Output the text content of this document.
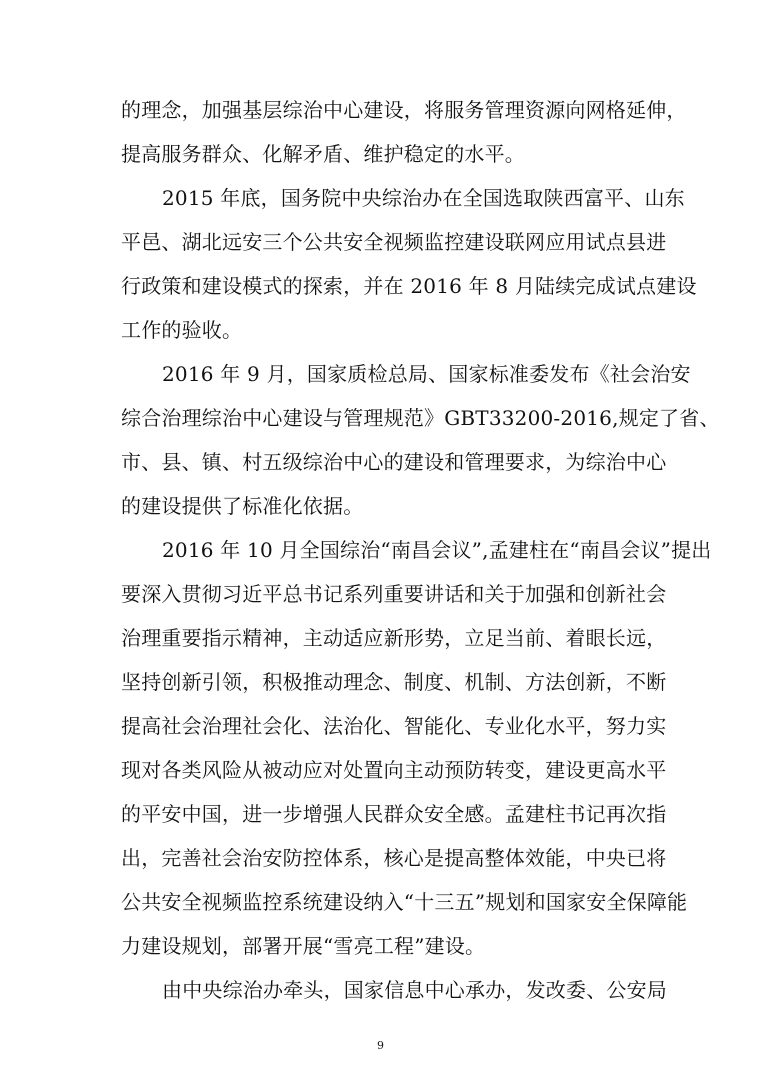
的理念，加强基层综治中心建设，将服务管理资源向网格延伸，
提高服务群众、化解矛盾、维护稳定的水平。
2015 年底，国务院中央综治办在全国选取陕西富平、山东
平邑、湖北远安三个公共安全视频监控建设联网应用试点县进
行政策和建设模式的探索，并在 2016 年 8 月陆续完成试点建设
工作的验收。
2016 年 9 月，国家质检总局、国家标准委发布《社会治安
综合治理综治中心建设与管理规范》GBT33200-2016,规定了省、
市、县、镇、村五级综治中心的建设和管理要求，为综治中心
的建设提供了标准化依据。
2016 年 10 月全国综治“南昌会议”,孟建柱在“南昌会议”提出
要深入贯彻习近平总书记系列重要讲话和关于加强和创新社会
治理重要指示精神，主动适应新形势，立足当前、着眼长远，
坚持创新引领，积极推动理念、制度、机制、方法创新，不断
提高社会治理社会化、法治化、智能化、专业化水平，努力实
现对各类风险从被动应对处置向主动预防转变，建设更高水平
的平安中国，进一步增强人民群众安全感。孟建柱书记再次指
出，完善社会治安防控体系，核心是提高整体效能，中央已将
公共安全视频监控系统建设纳入“十三五”规划和国家安全保障能
力建设规划，部署开展“雪亮工程”建设。
由中央综治办牵头，国家信息中心承办，发改委、公安局
9
